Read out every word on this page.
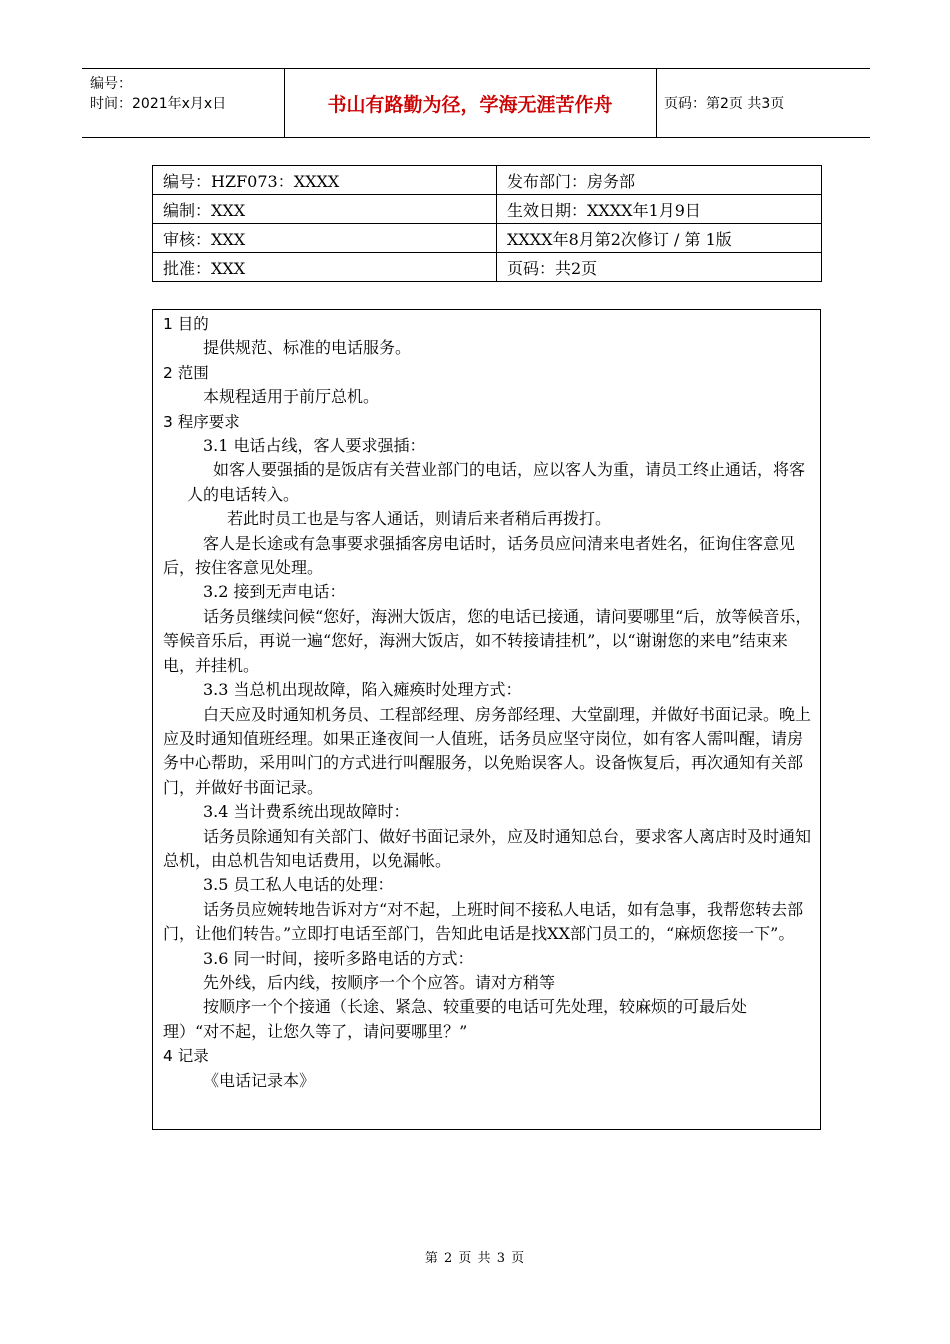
编号：
时间：2021年x月x日	书山有路勤为径，学海无涯苦作舟	页码：第2页 共3页
编号：HZF073：XXXX	发布部门：房务部
编制：XXX	生效日期：XXXX年1月9日
审核：XXX	XXXX年8月第2次修订 / 第 1版
批准：XXX	页码：共2页

1 目的

提供规范、标准的电话服务。

2 范围

本规程适用于前厅总机。

3 程序要求

3.1 电话占线，客人要求强插：

如客人要强插的是饭店有关营业部门的电话，应以客人为重，请员工终止通话，将客人的电话转入。

若此时员工也是与客人通话，则请后来者稍后再拨打。

客人是长途或有急事要求强插客房电话时，话务员应问清来电者姓名，征询住客意见后，按住客意见处理。

3.2 接到无声电话：

话务员继续问候“您好，海洲大饭店，您的电话已接通，请问要哪里“后，放等候音乐，等候音乐后，再说一遍“您好，海洲大饭店，如不转接请挂机”，以“谢谢您的来电”结束来电，并挂机。

3.3 当总机出现故障，陷入瘫痪时处理方式：

白天应及时通知机务员、工程部经理、房务部经理、大堂副理，并做好书面记录。晚上应及时通知值班经理。如果正逢夜间一人值班，话务员应坚守岗位，如有客人需叫醒，请房务中心帮助，采用叫门的方式进行叫醒服务，以免贻误客人。设备恢复后，再次通知有关部门，并做好书面记录。

3.4 当计费系统出现故障时：

话务员除通知有关部门、做好书面记录外，应及时通知总台，要求客人离店时及时通知总机，由总机告知电话费用，以免漏帐。

3.5 员工私人电话的处理：

话务员应婉转地告诉对方“对不起，上班时间不接私人电话，如有急事，我帮您转去部门，让他们转告。”立即打电话至部门，告知此电话是找XX部门员工的，“麻烦您接一下”。

3.6 同一时间，接听多路电话的方式：

先外线，后内线，按顺序一个个应答。请对方稍等

按顺序一个个接通（长途、紧急、较重要的电话可先处理，较麻烦的可最后处理）“对不起，让您久等了，请问要哪里？”

4 记录

《电话记录本》

第 2 页 共 3 页
